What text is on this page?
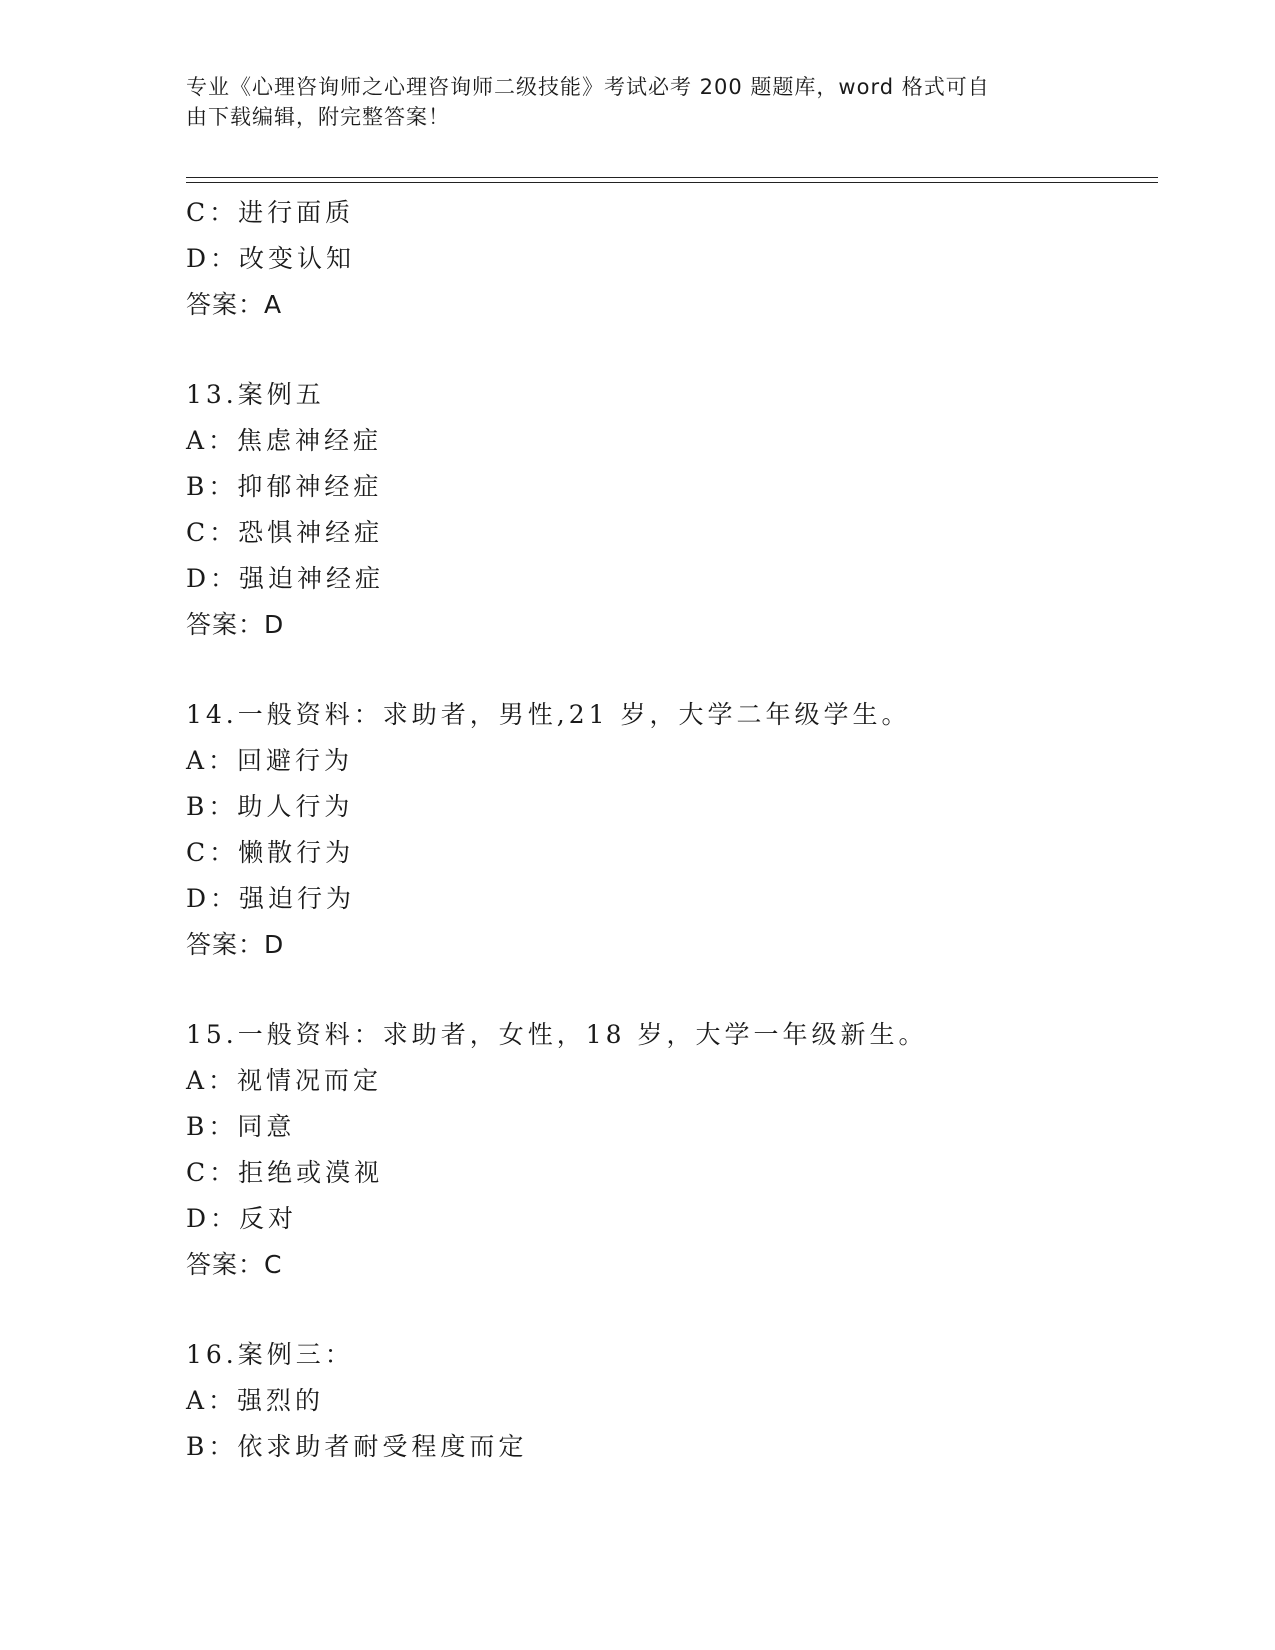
专业《心理咨询师之心理咨询师二级技能》考试必考 200 题题库，word 格式可自
由下载编辑，附完整答案！
C：进行面质
D：改变认知
答案：A
13.案例五
A：焦虑神经症
B：抑郁神经症
C：恐惧神经症
D：强迫神经症
答案：D
14.一般资料：求助者，男性,21 岁，大学二年级学生。
A：回避行为
B：助人行为
C：懒散行为
D：强迫行为
答案：D
15.一般资料：求助者，女性，18 岁，大学一年级新生。
A：视情况而定
B：同意
C：拒绝或漠视
D：反对
答案：C
16.案例三：
A：强烈的
B：依求助者耐受程度而定
